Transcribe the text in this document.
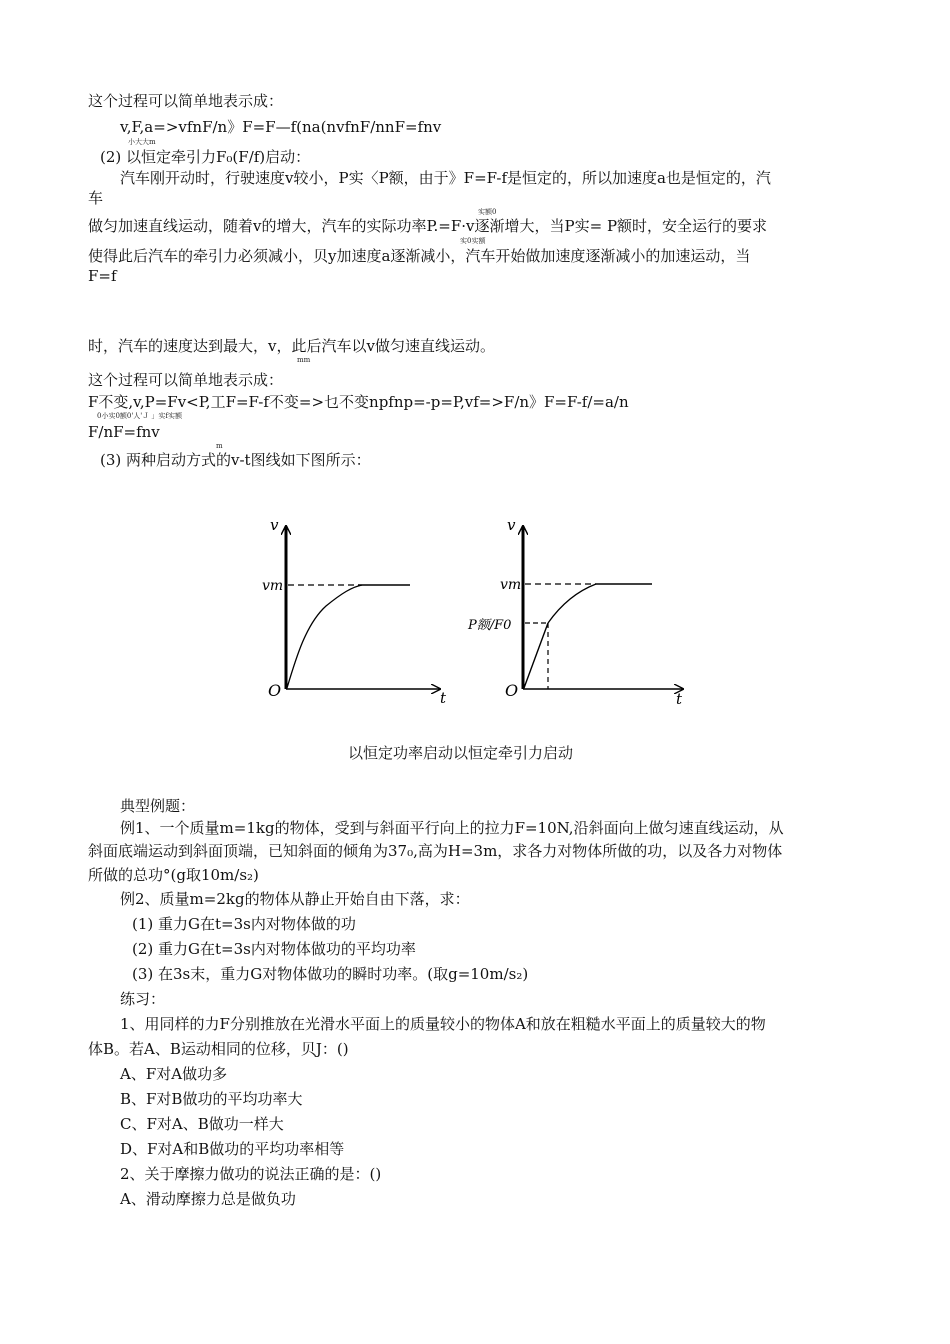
这个过程可以简单地表示成：
v,F,a=>vfnF/n》F=F—f(na(nvfnF/nnF=fnv
小大大m
(2) 以恒定牵引力F₀(F/f)启动：
汽车刚开动时，行驶速度v较小，P实〈P额，由于》F=F-f是恒定的，所以加速度a也是恒定的，汽
车
实额0
做匀加速直线运动，随着v的增大，汽车的实际功率P.=F·v逐渐增大，当P实= P额时，安全运行的要求
实0实额
使得此后汽车的牵引力必须减小，贝y加速度a逐渐减小，汽车开始做加速度逐渐减小的加速运动，当
F=f
时，汽车的速度达到最大，v，此后汽车以v做匀速直线运动。
mm
这个过程可以简单地表示成：
F不变,v,P=Fv<P,工F=F-f不变=>乜不变npfnp=-p=P,vf=>F/n》F=F-f/=a/n
0小实0额0'人'Ｊ 」实f实额
F/nF=fnv
m
(3) 两种启动方式的v-t图线如下图所示：
v
vm
O	t
v
vm
P额/F0
O	t
以恒定功率启动以恒定牵引力启动
典型例题：
例1、一个质量m=1kg的物体，受到与斜面平行向上的拉力F=10N,沿斜面向上做匀速直线运动，从
斜面底端运动到斜面顶端，已知斜面的倾角为37₀,高为H=3m，求各力对物体所做的功，以及各力对物体
所做的总功°(g取10m/s₂)
例2、质量m=2kg的物体从静止开始自由下落，求：
(1) 重力G在t=3s内对物体做的功
(2) 重力G在t=3s内对物体做功的平均功率
(3) 在3s末，重力G对物体做功的瞬时功率。(取g=10m/s₂)
练习：
1、用同样的力F分别推放在光滑水平面上的质量较小的物体A和放在粗糙水平面上的质量较大的物
体B。若A、B运动相同的位移，贝J：()
A、F对A做功多
B、F对B做功的平均功率大
C、F对A、B做功一样大
D、F对A和B做功的平均功率相等
2、关于摩擦力做功的说法正确的是：()
A、滑动摩擦力总是做负功
